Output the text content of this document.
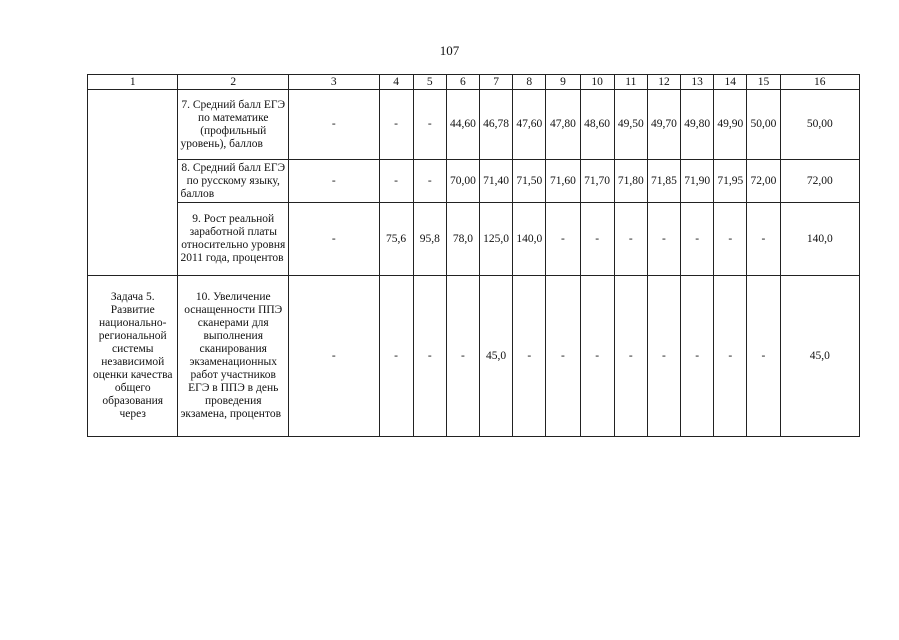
107
1	2	3	4	5	6	7	8	9	10	11	12	13	14	15	16
	7. Средний балл ЕГЭ по математике (профильный уровень), баллов	-	-	-	44,60	46,78	47,60	47,80	48,60	49,50	49,70	49,80	49,90	50,00	50,00
	8. Средний балл ЕГЭ по русскому языку, баллов	-	-	-	70,00	71,40	71,50	71,60	71,70	71,80	71,85	71,90	71,95	72,00	72,00
	9. Рост реальной заработной платы относительно уровня 2011 года, процентов	-	75,6	95,8	78,0	125,0	140,0	-	-	-	-	-	-	-	140,0
Задача 5. Развитие национально-региональной системы независимой оценки качества общего образования через	10. Увеличение оснащенности ППЭ сканерами для выполнения сканирования экзаменационных работ участников ЕГЭ в ППЭ в день проведения экзамена, процентов	-	-	-	-	45,0	-	-	-	-	-	-	-	-	45,0
